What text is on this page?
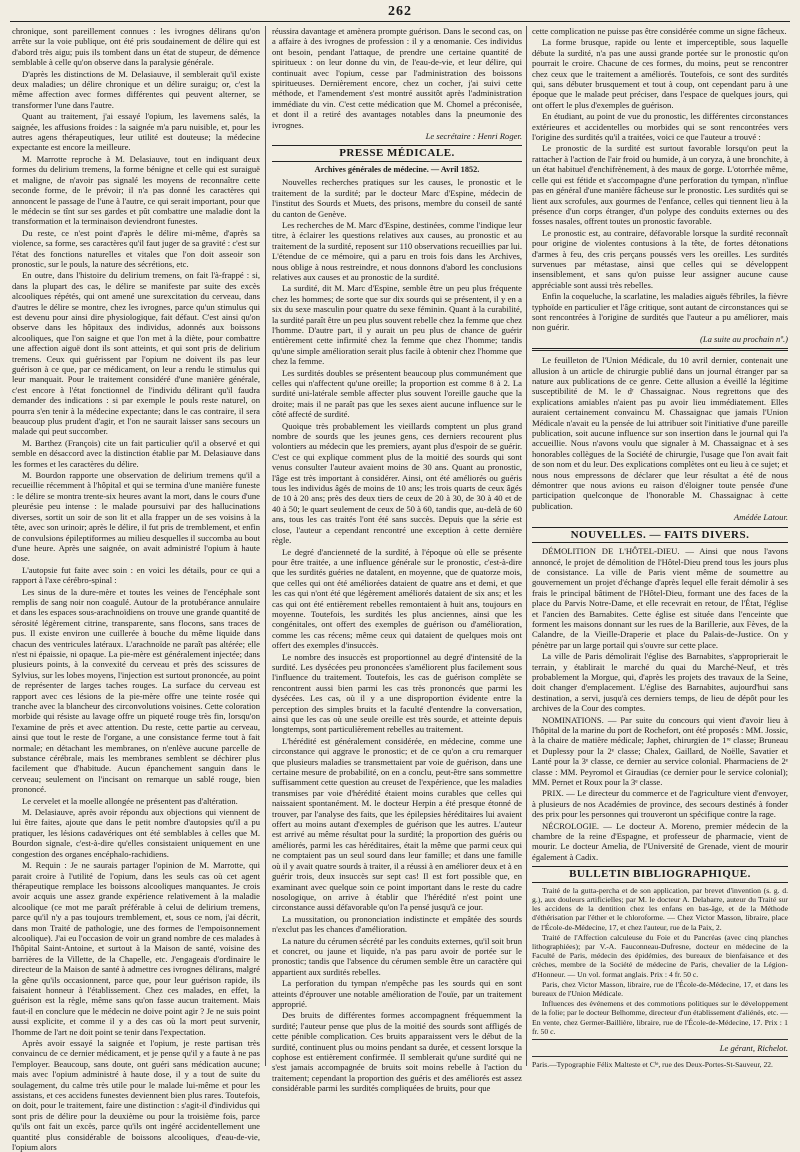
262

chronique, sont pareillement connues : les ivrognes délirans qu'on arrête sur la voie publique, ont été pris soudainement de délire qui est d'abord très aigu; puis ils tombent dans un état de stupeur, de démence semblable à celle qu'on observe dans la paralysie générale.

D'après les distinctions de M. Delasiauve, il semblerait qu'il existe deux maladies; un délire chronique et un délire suraigu; or, c'est la même affection avec formes différentes qui peuvent alterner, se transformer l'une dans l'autre.

Quant au traitement, j'ai essayé l'opium, les lavemens salés, la saignée, les affusions froides : la saignée m'a paru nuisible, et, pour les autres agens thérapeutiques, leur utilité est douteuse; la médecine expectante est encore la meilleure.

M. Marrotte reproche à M. Delasiauve, tout en indiquant deux formes du delirium tremens, la forme bénigne et celle qui est suraiguë et maligne, de n'avoir pas signalé les moyens de reconnaître cette seconde forme, de le prévoir; il n'a pas donné les caractères qui annoncent le passage de l'une à l'autre, ce qui serait important, pour que le médecin se tînt sur ses gardes et pût combattre une maladie dont la transformation et la terminaison deviendront funestes.

Du reste, ce n'est point d'après le délire mi-même, d'après sa violence, sa forme, ses caractères qu'il faut juger de sa gravité : c'est sur l'état des fonctions naturelles et vitales que l'on doit asseoir son pronostic, sur le pouls, la nature des sécrétions, etc.

En outre, dans l'histoire du delirium tremens, on fait l'à-frappé : si, dans la plupart des cas, le délire se manifeste par suite des excès alcooliques répétés, qui ont amené une surexcitation du cerveau, dans d'autres le délire se montre, chez les ivrognes, parce qu'un stimulus qui est devenu pour ainsi dire physiologique, fait défaut. C'est ainsi qu'on observe dans les hôpitaux des individus, adonnés aux boissons alcooliques, que l'on saigne et que l'on met à la diète, pour combattre une affection aiguë dont ils sont atteints, et qui sont pris de delirium tremens. Ceux qui guérissent par l'opium ne doivent ils pas leur guérison à ce que, par ce médicament, on leur a rendu le stimulus qui leur manquait. Pour le traitement considéré d'une manière générale, c'est encore à l'état fonctionnel de l'individu délirant qu'il faudra demander des indications : si par exemple le pouls reste naturel, on pourra s'en tenir à la médecine expectante; dans le cas contraire, il sera beaucoup plus prudent d'agir, et l'on ne saurait laisser sans secours un malade qui peut succomber.

M. Barthez (François) cite un fait particulier qu'il a observé et qui semble en désaccord avec la distinction établie par M. Delasiauve dans les formes et les caractères du délire.

M. Bourdon rapporte une observation de delirium tremens qu'il a recueillie récemment à l'hôpital et qui se termina d'une manière funeste : le délire se montra trente-six heures avant la mort, dans le cours d'une pleurésie peu intense : le malade poursuivi par des hallucinations diverses, sortit un soir de son lit et alla frapper un de ses voisins à la tête, avec son urinoir; après le délire, il fut pris de tremblement, et enfin de convulsions épileptiformes au milieu desquelles il succomba au bout d'une heure. Après une saignée, on avait administré l'opium à haute dose.

L'autopsie fut faite avec soin : en voici les détails, pour ce qui a rapport à l'axe cérébro-spinal :

Les sinus de la dure-mère et toutes les veines de l'encéphale sont remplis de sang noir non coagulé. Autour de la protubérance annulaire et dans les espaces sous-arachnoïdiens on trouve une grande quantité de sérosité légèrement citrine, transparente, sans flocons, sans traces de pus. Il existe environ une cuillerée à bouche du même liquide dans chacun des ventricules latéraux. L'arachnoïde ne paraît pas altérée; elle n'est ni épaissie, ni opaque. La pie-mère est généralement injectée; dans plusieurs points, à la convexité du cerveau et près des scissures de Sylvius, sur les lobes moyens, l'injection est surtout prononcée, au point de représenter de larges taches rouges. La surface du cerveau est rapport avec ces lésions de la pie-mère offre une teinte rosée qui tranche avec la blancheur des circonvolutions voisines. Cette coloration morbide qui résiste au lavage offre un piqueté rouge très fin, lorsqu'on l'examine de près et avec attention. Du reste, cette partie au cerveau, ainsi que tout le reste de l'organe, a une consistance ferme tout à fait normale; en détachant les membranes, on n'enlève aucune parcelle de substance cérébrale, mais les membranes semblent se déchirer plus facilement que d'habitude. Aucun épanchement sanguin dans le cerveau; seulement on l'incisant on remarque un sablé rouge, bien prononcé.

Le cervelet et la moelle allongée ne présentent pas d'altération.

M. Delasiauve, après avoir répondu aux objections qui viennent de lui être faites, ajoute que dans le petit nombre d'autopsies qu'il a pu pratiquer, les lésions cadavériques ont été semblables à celles que M. Bourdon signale, c'est-à-dire qu'elles consistaient uniquement en une congestion des organes encéphalo-rachidiens.

M. Requin : Je ne saurais partager l'opinion de M. Marrotte, qui parait croire à l'utilité de l'opium, dans les seuls cas où cet agent thérapeutique remplace les boissons alcooliques manquantes. Je crois avoir acquis une assez grande expérience relativement à la maladie alcoolique (ce mot me paraît préférable à celui de delirium tremens, parce qu'il n'y a pas toujours tremblement, et, sous ce nom, j'ai décrit, dans mon Traité de pathologie, une des formes de l'empoisonnement alcoolique). J'ai eu l'occasion de voir un grand nombre de ces malades à l'hôpital Saint-Antoine, et surtout à la Maison de santé, voisine des barrières de la Villette, de la Chapelle, etc. J'engageais d'ordinaire le directeur de la Maison de santé à admettre ces ivrognes délirans, malgré la gêne qu'ils occasionnent, parce que, pour leur guérison rapide, ils faisaient honneur à l'établissement. Chez ces malades, en effet, la guérison est la règle, même sans qu'on fasse aucun traitement. Mais faut-il en conclure que le médecin ne doive point agir ? Je ne suis point aussi explicite, et comme il y a des cas où la mort peut survenir, l'homme de l'art ne doit point se tenir dans l'expectation.

Après avoir essayé la saignée et l'opium, je reste partisan très convaincu de ce dernier médicament, et je pense qu'il y a faute à ne pas l'employer. Beaucoup, sans doute, ont guéri sans médication aucune; mais avec l'opium administré à haute dose, il y a tout de suite du soulagement, du calme très utile pour le malade lui-même et pour les assistans, et ces accidens funestes deviennent bien plus rares. Toutefois, on doit, pour le traitement, faire une distinction : s'agit-il d'individus qui sont pris de délire pour la deuxième ou pour la troisième fois, parce qu'ils ont fait un excès, parce qu'ils ont ingéré accidentellement une quantité plus considérable de boissons alcooliques, d'eau-de-vie, l'opium alors

réussira davantage et amènera prompte guérison. Dans le second cas, on a affaire à des ivrognes de profession : il y a œnomanie. Ces individus ont besoin, pendant l'attaque, de prendre une certaine quantité de spiritueux : on leur donne du vin, de l'eau-de-vie, et leur délire, qui continuait avec l'opium, cesse par l'administration des boissons spiritueuses. Dernièrement encore, chez un cocher, j'ai suivi cette méthode, et l'amendement s'est montré aussitôt après l'administration immédiate du vin. C'est cette médication que M. Chomel a préconisée, et dont il a retiré des avantages notables dans la pneumonie des ivrognes.

Le secrétaire : Henri Roger.
PRESSE MÉDICALE.
Archives générales de médecine. — Avril 1852.

Nouvelles recherches pratiques sur les causes, le pronostic et le traitement de la surdité; par le docteur Marc d'Espine, médecin de l'institut des Sourds et Muets, des prisons, membre du conseil de santé du canton de Genève.

Les recherches de M. Marc d'Espine, destinées, comme l'indique leur titre, à éclairer les questions relatives aux causes, au pronostic et au traitement de la surdité, reposent sur 110 observations recueillies par lui. L'étendue de ce mémoire, qui a paru en trois fois dans les Archives, nous oblige à nous restreindre, et nous donnons d'abord les conclusions relatives aux causes et au pronostic de la surdité.

La surdité, dit M. Marc d'Espine, semble être un peu plus fréquente chez les hommes; de sorte que sur dix sourds qui se présentent, il y en a six du sexe masculin pour quatre du sexe féminin. Quant à la curabilité, la surdité paraît être un peu plus souvent rebelle chez la femme que chez l'homme. D'autre part, il y aurait un peu plus de chance de guérir entièrement cette infirmité chez la femme que chez l'homme; tandis qu'une simple amélioration serait plus facile à obtenir chez l'homme que chez la femme.

Les surdités doubles se présentent beaucoup plus communément que celles qui n'affectent qu'une oreille; la proportion est comme 8 à 2. La surdité uni-latérale semble affecter plus souvent l'oreille gauche que la droite; mais il ne paraît pas que les sexes aient aucune influence sur le côté affecté de surdité.

Quoique très probablement les vieillards comptent un plus grand nombre de sourds que les jeunes gens, ces derniers recourent plus volontiers au médecin que les premiers, ayant plus d'espoir de se guérir. C'est ce qui explique comment plus de la moitié des sourds qui sont venus consulter l'auteur avaient moins de 30 ans. Quant au pronostic, l'âge est très important à considérer. Ainsi, ont été améliorés ou guéris tous les individus âgés de moins de 10 ans; les trois quarts de ceux âgés de 10 à 20 ans; près des deux tiers de ceux de 20 à 30, de 30 à 40 et de 40 à 50; le quart seulement de ceux de 50 à 60, tandis que, au-delà de 60 ans, tous les cas traités l'ont été sans succès. Depuis que la série est close, l'auteur a cependant rencontré une exception à cette dernière règle.

Le degré d'ancienneté de la surdité, à l'époque où elle se présente pour être traitée, a une influence générale sur le pronostic, c'est-à-dire que les surdités guéries ne datalent, en moyenne, que de quatorze mois, que celles qui ont été améliorées dataient de quatre ans et demi, et que les cas qui n'ont été que légèrement améliorés dataient de six ans; et les cas qui ont été entièrement rebelles remontaient à huit ans, toujours en moyenne. Toutefois, les surdités les plus anciennes, ainsi que les congénitales, ont offert des exemples de guérison ou d'amélioration, comme les cas récens; même ceux qui dataient de quelques mois ont offert des exemples d'insuccès.

Le nombre des insuccès est proportionnel au degré d'intensité de la surdité. Les dysécées peu prononcées s'améliorent plus facilement sous l'influence du traitement. Toutefois, les cas de guérison complète se rencontrent aussi bien parmi les cas très prononcés que parmi les dysécées. Les cas, où il y a une disproportion évidente entre la perception des simples bruits et la faculté d'entendre la conversation, ainsi que les cas où une seule oreille est très sourde, et atteinte depuis longtemps, sont particulièrement rebelles au traitement.

L'hérédité est généralement considérée, en médecine, comme une circonstance qui aggrave le pronostic; et de ce qu'on a cru remarquer que plusieurs maladies se transmettaient par voie de guérison, dans une certaine mesure de probabilité, on en a conclu, peut-être sans sommettre suffisamment cette question au creuset de l'expérience, que les maladies transmises par voie d'hérédité étaient moins curables que celles qui naissaient spontanément. M. le docteur Herpin a été presque étonné de trouver, par l'analyse des faits, que les épilepsies héréditaires lui avaient offert au moins autant d'exemples de guérison que les autres. L'auteur est arrivé au même résultat pour la surdité; la proportion des guéris ou améliorés, parmi les cas héréditaires, était la même que parmi ceux qui ne comptaient pas un seul sourd dans leur famille; et dans une famille où il y avait quatre sourds à traiter, il a réussi à en améliorer deux et à en guérir trois, deux insuccès sur sept cas! Il est fort possible que, en examinant avec quelque soin ce point important dans le reste du cadre nosologique, on arrive à établir que l'hérédité n'est point une circonstance aussi défavorable qu'on l'a pensé jusqu'à ce jour.

La mussitation, ou prononciation indistincte et empâtée des sourds n'exclut pas les chances d'amélioration.

La nature du cérumen sécrété par les conduits externes, qu'il soit brun et concret, ou jaune et liquide, n'a pas paru avoir de portée sur le pronostic; tandis que l'absence du cérumen semble être un caractère qui appartient aux surdités rebelles.

La perforation du tympan n'empêche pas les sourds qui en sont atteints d'éprouver une notable amélioration de l'ouïe, par un traitement approprié.

Des bruits de différentes formes accompagnent fréquemment la surdité; l'auteur pense que plus de la moitié des sourds sont affligés de cette pénible complication. Ces bruits apparaissent vers le début de la surdité, continuent plus ou moins pendant sa durée, et cessent lorsque la cophose est entièrement confirmée. Il semblerait qu'une surdité qui ne s'est jamais accompagnée de bruits soit moins rebelle à l'action du traitement; cependant la proportion des guéris et des améliorés est assez considérable parmi les surdités compliquées de bruits, pour que

cette complication ne puisse pas être considérée comme un signe fâcheux.

La forme brusque, rapide ou lente et imperceptible, sous laquelle débute la surdité, n'a pas une aussi grande portée sur le pronostic qu'on pourrait le croire. Chacune de ces formes, du moins, peut se rencontrer chez ceux que le traitement a améliorés. Toutefois, ce sont des surdités qui, sans débuter brusquement et tout à coup, ont cependant paru à une époque que le malade peut préciser, dans l'espace de quelques jours, qui ont offert le plus d'exemples de guérison.

En étudiant, au point de vue du pronostic, les différentes circonstances extérieures et accidentelles ou morbides qui se sont rencontrées vers l'origine des surdités qu'il a traitées, voici ce que l'auteur a trouvé :

Le pronostic de la surdité est surtout favorable lorsqu'on peut la rattacher à l'action de l'air froid ou humide, à un coryza, à une bronchite, à un état habituel d'enchifrènement, à des maux de gorge. L'otorrhée même, celle qui est fétide et s'accompagne d'une perforation du tympan, n'influe pas en général d'une manière fâcheuse sur le pronostic. Les surdités qui se lient aux scrofules, aux gourmes de l'enfance, celles qui tiennent lieu à la présence d'un corps étranger, d'un polype des conduits externes ou des fosses nasales, offrent toutes un pronostic favorable.

Le pronostic est, au contraire, défavorable lorsque la surdité reconnaît pour origine de violentes contusions à la tête, de fortes détonations d'armes à feu, des cris perçans poussés vers les oreilles. Les surdités survenues par métastase, ainsi que celles qui se développent insensiblement, et sans qu'on puisse leur assigner aucune cause appréciable sont aussi très rebelles.

Enfin la coqueluche, la scarlatine, les maladies aiguës fébriles, la fièvre typhoïde en particulier et l'âge critique, sont autant de circonstances qui se sont rencontrées à l'origine de surdités que l'auteur a pu améliorer, mais non guérir.

(La suite au prochain nº.)

Le feuilleton de l'Union Médicale, du 10 avril dernier, contenait une allusion à un article de chirurgie publié dans un journal étranger par sa nature aux publications de ce genre. Cette allusion a éveillé la légitime susceptibilité de M. le dʳ Chassaignac. Nous regrettons que des explications amiables n'aient pas pu avoir lieu immédiatement. Elles auraient certainement convaincu M. Chassaignac que jamais l'Union Médicale n'avait eu la pensée de lui attribuer soit l'initiative d'une pareille publication, soit aucune influence sur son insertion dans le journal qui l'a accueillie. Nous n'avons voulu que signaler à M. Chassaignac et à ses honorables collègues de la Société de chirurgie, l'usage que l'on avait fait de son nom et du leur. Des explications complètes ont eu lieu à ce sujet; et nous nous empressons de déclarer que leur résultat a été de nous démontrer que nous avions eu raison d'éloigner toute pensée d'une participation quelconque de l'honorable M. Chassaignac à cette publication.

Amédée Latour.
NOUVELLES. — FAITS DIVERS.

DÉMOLITION DE L'HÔTEL-DIEU. — Ainsi que nous l'avons annoncé, le projet de démolition de l'Hôtel-Dieu prend tous les jours plus de consistance. La ville de Paris vient même de soumettre au gouvernement un projet d'échange d'après lequel elle ferait démolir à ses frais le principal bâtiment de l'Hôtel-Dieu, formant une des faces de la place du Parvis Notre-Dame, et elle recevrait en retour, de l'État, l'église et l'ancien des Barnabites. Cette église est située dans l'enceinte que forment les maisons donnant sur les rues de la Barillerie, aux Fèves, de la Calandre, de la Vieille-Draperie et place du Palais-de-Justice. On y pénètre par un large portail qui s'ouvre sur cette place.

La ville de Paris démolirait l'église des Barnabites, s'approprierait le terrain, y établirait le marché du quai du Marché-Neuf, et très probablement la Morgue, qui, d'après les projets des travaux de la Seine, doit changer d'emplacement. L'église des Barnabites, aujourd'hui sans destination, a servi, jusqu'à ces derniers temps, de lieu de dépôt pour les archives de la Cour des comptes.

NOMINATIONS. — Par suite du concours qui vient d'avoir lieu à l'hôpital de la marine du port de Rochefort, ont été proposés : MM. Jossic, à la chaire de matière médicale; Japhet, chirurgien de 1ʳᵉ classe; Bruneau et Duplessy pour la 2ᵉ classe; Chalex, Gaillard, de Noëlle, Savatier et Lanté pour la 3ᵉ classe, ce dernier au service colonial. Pharmaciens de 2ᵉ classe : MM. Peyromol et Giraudias (ce dernier pour le service colonial); MM. Pernet et Roux pour la 3ᵉ classe.

PRIX. — Le directeur du commerce et de l'agriculture vient d'envoyer, à plusieurs de nos Académies de province, des secours destinés à fonder des prix pour les personnes qui trouveront un spécifique contre la rage.

NÉCROLOGIE. — Le docteur A. Moreno, premier médecin de la chambre de la reine d'Espagne, et professeur de pharmacie, vient de mourir. Le docteur Amelia, de l'Université de Grenade, vient de mourir également à Cadix.

BULLETIN BIBLIOGRAPHIQUE.

Traité de la gutta-percha et de son application, par brevet d'invention (s. g. d. g.), aux douleurs artificielles; par M. le docteur A. Delabarre, auteur du Traité sur les accidens de la dentition chez les enfans en bas-âge, et de la Méthode d'éthérisation par l'éther et le chloroforme. — Chez Victor Masson, libraire, place de l'École-de-Médecine, 17, et chez l'auteur, rue de la Paix, 2.

Traité de l'Affection calculeuse du Foie et du Pancréas (avec cinq planches lithographiées); par V.-A. Fauconneau-Dufresne, docteur en médecine de la Faculté de Paris, médecin des épidémies, des bureaux de bienfaisance et des crèches, membre de la Société de médecine de Paris, chevalier de la Légion-d'Honneur. — Un vol. format anglais. Prix : 4 fr. 50 c.

Paris, chez Victor Masson, libraire, rue de l'École-de-Médecine, 17, et dans les bureaux de l'Union Médicale.

Influences des événemens et des commotions politiques sur le développement de la folie; par le docteur Belhomme, directeur d'un établissement d'aliénés, etc. — En vente, chez Germer-Baillière, libraire, rue de l'École-de-Médecine, 17. Prix : 1 fr. 50 c.

Le gérant, Richelot.
Paris.—Typographie Félix Malteste et Cⁱᵉ, rue des Deux-Portes-St-Sauveur, 22.
